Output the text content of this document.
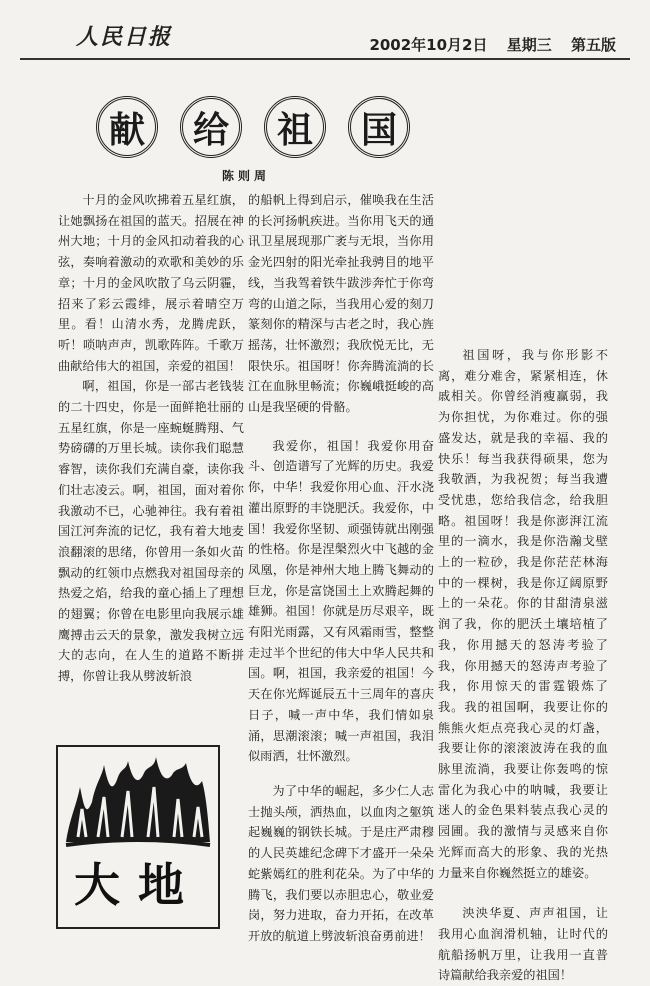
人民日报	2002年10月2日 星期三 第五版
献	给	祖	国
陈则周

十月的金风吹拂着五星红旗，让她飘扬在祖国的蓝天。招展在神州大地；十月的金风扣动着我的心弦，奏响着激动的欢歌和美妙的乐章；十月的金风吹散了乌云阴霾，招来了彩云霞绯，展示着晴空万里。看！山清水秀，龙腾虎跃，听！唢呐声声，凯歌阵阵。千歌万曲献给伟大的祖国，亲爱的祖国！

啊，祖国，你是一部古老钱装的二十四史，你是一面鲜艳壮丽的五星红旗，你是一座蜿蜒腾翔、气势磅礴的万里长城。读你我们聪慧睿智，读你我们充满自豪，读你我们壮志凌云。啊，祖国，面对着你我激动不已，心驰神往。我有着祖国江河奔流的记忆，我有着大地麦浪翻滚的思绪，你曾用一条如火苗飘动的红领巾点燃我对祖国母亲的热爱之焰，给我的童心插上了理想的翅翼；你曾在电影里向我展示雄鹰搏击云天的景象，激发我树立远大的志向，在人生的道路不断拼搏，你曾让我从劈波斩浪

的船帆上得到启示，催唤我在生活的长河扬帆疾进。当你用飞天的通讯卫星展现那广袤与无垠，当你用金光四射的阳光牵扯我骋目的地平线，当我驾着铁牛跋涉奔忙于你弯弯的山道之际，当我用心爱的刻刀篆刻你的精深与古老之时，我心旌摇荡，壮怀激烈；我欣悦无比，无限快乐。祖国呀！你奔腾流淌的长江在血脉里畅流；你巍峨挺峻的高山是我坚硬的骨骼。

我爱你，祖国！我爱你用奋斗、创造谱写了光辉的历史。我爱你，中华！我爱你用心血、汗水浇灌出原野的丰饶肥沃。我爱你，中国！我爱你坚韧、顽强铸就出刚强的性格。你是涅槃烈火中飞越的金凤凰，你是神州大地上腾飞舞动的巨龙，你是富饶国土上欢腾起舞的雄狮。祖国！你就是历尽艰辛，既有阳光雨露，又有风霜雨雪，整整走过半个世纪的伟大中华人民共和国。啊，祖国，我亲爱的祖国！今天在你光辉诞辰五十三周年的喜庆日子，喊一声中华，我们情如泉涌，思潮滚滚；喊一声祖国，我泪似雨洒，壮怀激烈。

为了中华的崛起，多少仁人志士抛头颅，洒热血，以血肉之躯筑起巍巍的钢铁长城。于是庄严肃穆的人民英雄纪念碑下才盛开一朵朵蛇紫嫣红的胜利花朵。为了中华的腾飞，我们要以赤胆忠心，敬业爱岗，努力进取，奋力开拓，在改革开放的航道上劈波斩浪奋勇前进！

祖国呀，我与你形影不离，难分难舍，紧紧相连，休戚相关。你曾经消瘦赢弱，我为你担忧，为你难过。你的强盛发达，就是我的幸福、我的快乐！每当我获得硕果，您为我敬酒，为我祝贺；每当我遭受忧患，您给我信念，给我胆略。祖国呀！我是你澎湃江流里的一滴水，我是你浩瀚戈壁上的一粒砂，我是你茫茫林海中的一棵树，我是你辽阔原野上的一朵花。你的甘甜清泉滋润了我，你的肥沃土壤培植了我，你用撼天的怒涛考验了我，你用撼天的怒涛声考验了我，你用惊天的雷霆锻炼了我。我的祖国啊，我要让你的熊熊火炬点亮我心灵的灯盏，我要让你的滚滚波涛在我的血脉里流淌，我要让你轰鸣的惊雷化为我心中的呐喊，我要让迷人的金色果料装点我心灵的园圃。我的激情与灵感来自你光辉而高大的形象、我的光热力量来自你巍然挺立的雄姿。

泱泱华夏、声声祖国，让我用心血润滑机轴，让时代的航船扬帆万里，让我用一直普诗篇献给我亲爱的祖国！

大地
